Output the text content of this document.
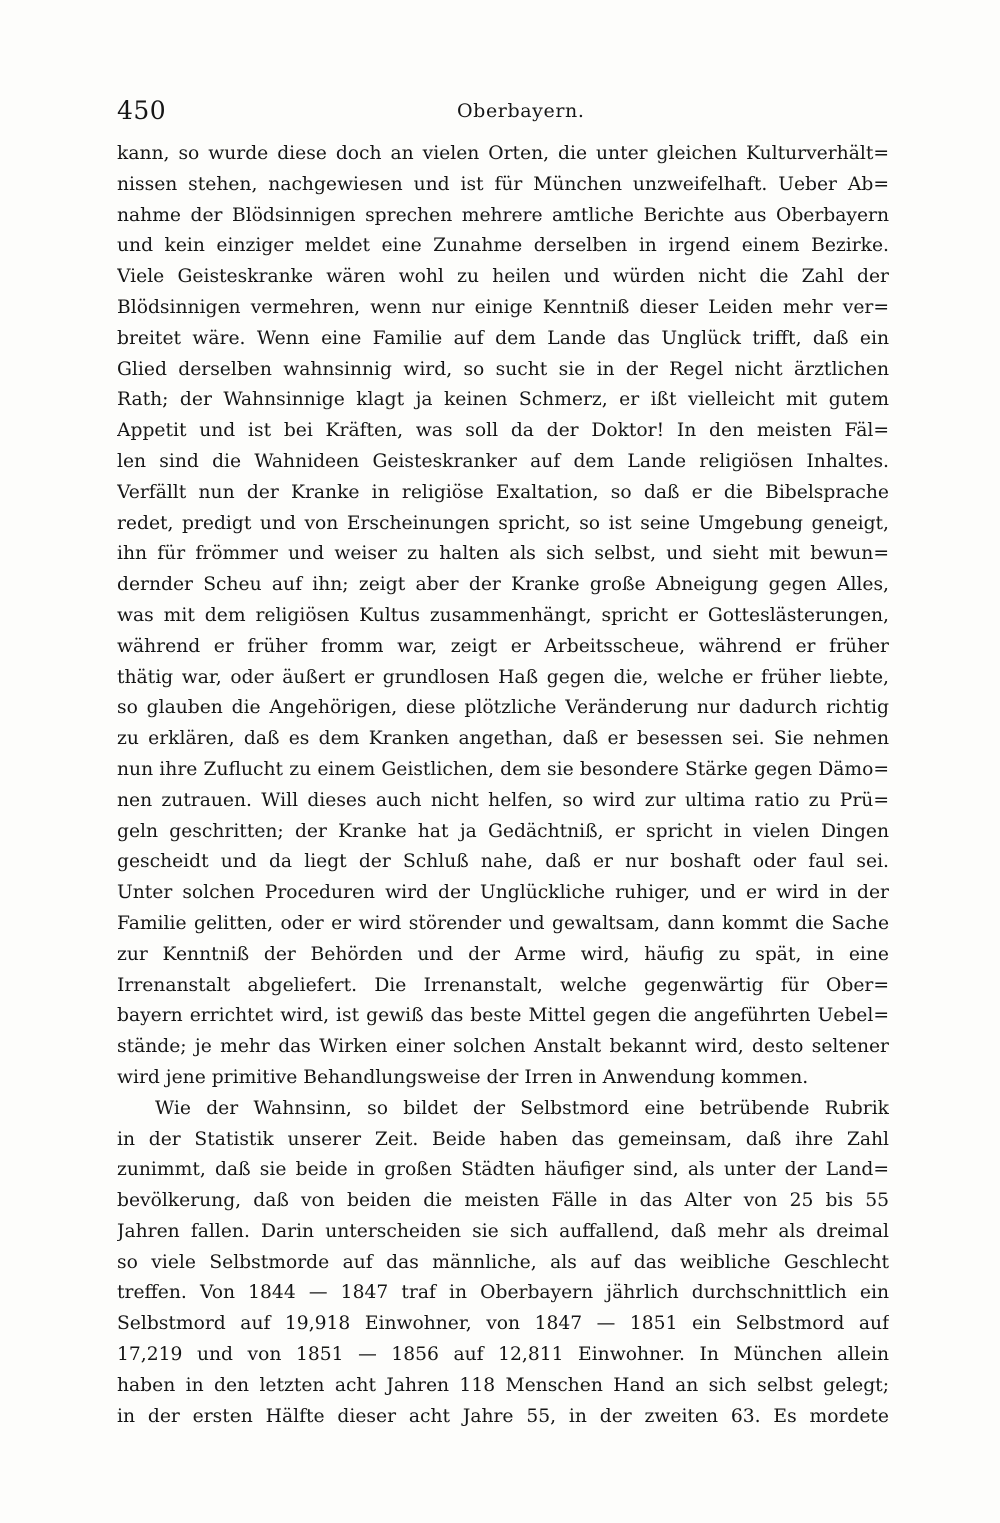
450	Oberbayern.
kann, so wurde diese doch an vielen Orten, die unter gleichen Kulturverhält=
nissen stehen, nachgewiesen und ist für München unzweifelhaft. Ueber Ab=
nahme der Blödsinnigen sprechen mehrere amtliche Berichte aus Oberbayern
und kein einziger meldet eine Zunahme derselben in irgend einem Bezirke.
Viele Geisteskranke wären wohl zu heilen und würden nicht die Zahl der
Blödsinnigen vermehren, wenn nur einige Kenntniß dieser Leiden mehr ver=
breitet wäre. Wenn eine Familie auf dem Lande das Unglück trifft, daß ein
Glied derselben wahnsinnig wird, so sucht sie in der Regel nicht ärztlichen
Rath; der Wahnsinnige klagt ja keinen Schmerz, er ißt vielleicht mit gutem
Appetit und ist bei Kräften, was soll da der Doktor! In den meisten Fäl=
len sind die Wahnideen Geisteskranker auf dem Lande religiösen Inhaltes.
Verfällt nun der Kranke in religiöse Exaltation, so daß er die Bibelsprache
redet, predigt und von Erscheinungen spricht, so ist seine Umgebung geneigt,
ihn für frömmer und weiser zu halten als sich selbst, und sieht mit bewun=
dernder Scheu auf ihn; zeigt aber der Kranke große Abneigung gegen Alles,
was mit dem religiösen Kultus zusammenhängt, spricht er Gotteslästerungen,
während er früher fromm war, zeigt er Arbeitsscheue, während er früher
thätig war, oder äußert er grundlosen Haß gegen die, welche er früher liebte,
so glauben die Angehörigen, diese plötzliche Veränderung nur dadurch richtig
zu erklären, daß es dem Kranken angethan, daß er besessen sei. Sie nehmen
nun ihre Zuflucht zu einem Geistlichen, dem sie besondere Stärke gegen Dämo=
nen zutrauen. Will dieses auch nicht helfen, so wird zur ultima ratio zu Prü=
geln geschritten; der Kranke hat ja Gedächtniß, er spricht in vielen Dingen
gescheidt und da liegt der Schluß nahe, daß er nur boshaft oder faul sei.
Unter solchen Proceduren wird der Unglückliche ruhiger, und er wird in der
Familie gelitten, oder er wird störender und gewaltsam, dann kommt die Sache
zur Kenntniß der Behörden und der Arme wird, häufig zu spät, in eine
Irrenanstalt abgeliefert. Die Irrenanstalt, welche gegenwärtig für Ober=
bayern errichtet wird, ist gewiß das beste Mittel gegen die angeführten Uebel=
stände; je mehr das Wirken einer solchen Anstalt bekannt wird, desto seltener
wird jene primitive Behandlungsweise der Irren in Anwendung kommen.
Wie der Wahnsinn, so bildet der Selbstmord eine betrübende Rubrik
in der Statistik unserer Zeit. Beide haben das gemeinsam, daß ihre Zahl
zunimmt, daß sie beide in großen Städten häufiger sind, als unter der Land=
bevölkerung, daß von beiden die meisten Fälle in das Alter von 25 bis 55
Jahren fallen. Darin unterscheiden sie sich auffallend, daß mehr als dreimal
so viele Selbstmorde auf das männliche, als auf das weibliche Geschlecht
treffen. Von 1844 — 1847 traf in Oberbayern jährlich durchschnittlich ein
Selbstmord auf 19,918 Einwohner, von 1847 — 1851 ein Selbstmord auf
17,219 und von 1851 — 1856 auf 12,811 Einwohner. In München allein
haben in den letzten acht Jahren 118 Menschen Hand an sich selbst gelegt;
in der ersten Hälfte dieser acht Jahre 55, in der zweiten 63. Es mordete
